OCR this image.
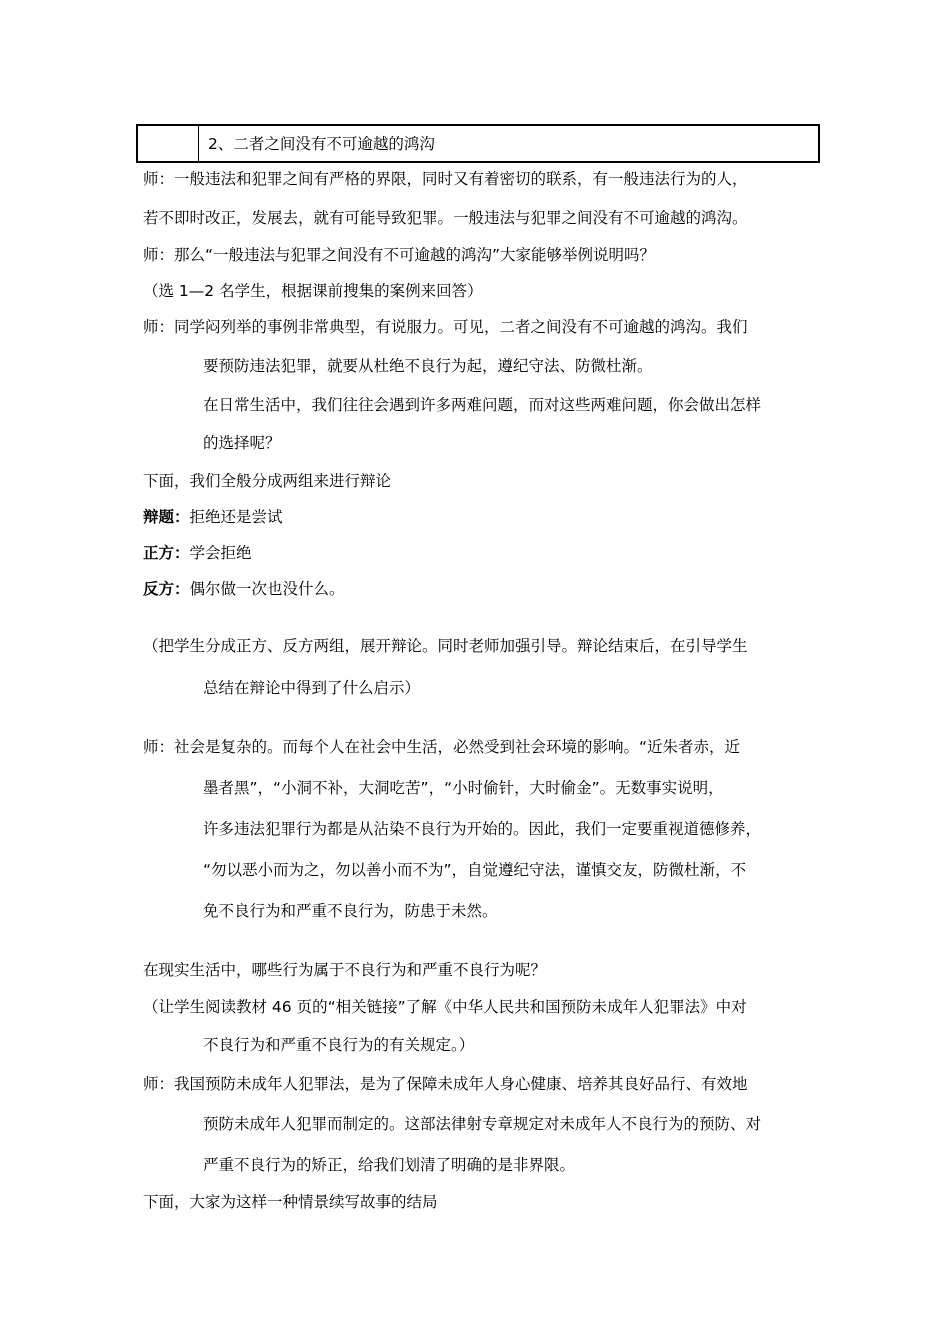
2、二者之间没有不可逾越的鸿沟
师：一般违法和犯罪之间有严格的界限，同时又有着密切的联系，有一般违法行为的人，
若不即时改正，发展去，就有可能导致犯罪。一般违法与犯罪之间没有不可逾越的鸿沟。
师：那么“一般违法与犯罪之间没有不可逾越的鸿沟”大家能够举例说明吗？
（选 1—2 名学生，根据课前搜集的案例来回答）
师：同学闷列举的事例非常典型，有说服力。可见，二者之间没有不可逾越的鸿沟。我们
要预防违法犯罪，就要从杜绝不良行为起，遵纪守法、防微杜渐。
在日常生活中，我们往往会遇到许多两难问题，而对这些两难问题，你会做出怎样
的选择呢？
下面，我们全般分成两组来进行辩论
辩题：拒绝还是尝试
正方：学会拒绝
反方：偶尔做一次也没什么。
（把学生分成正方、反方两组，展开辩论。同时老师加强引导。辩论结束后，在引导学生
总结在辩论中得到了什么启示）
师：社会是复杂的。而每个人在社会中生活，必然受到社会环境的影响。“近朱者赤，近
墨者黑”，“小洞不补，大洞吃苦”，“小时偷针，大时偷金”。无数事实说明，
许多违法犯罪行为都是从沾染不良行为开始的。因此，我们一定要重视道德修养，
“勿以恶小而为之，勿以善小而不为”，自觉遵纪守法，谨慎交友，防微杜渐，不
免不良行为和严重不良行为，防患于未然。
在现实生活中，哪些行为属于不良行为和严重不良行为呢？
（让学生阅读教材 46 页的“相关链接”了解《中华人民共和国预防未成年人犯罪法》中对
不良行为和严重不良行为的有关规定。）
师：我国预防未成年人犯罪法，是为了保障未成年人身心健康、培养其良好品行、有效地
预防未成年人犯罪而制定的。这部法律射专章规定对未成年人不良行为的预防、对
严重不良行为的矫正，给我们划清了明确的是非界限。
下面，大家为这样一种情景续写故事的结局
